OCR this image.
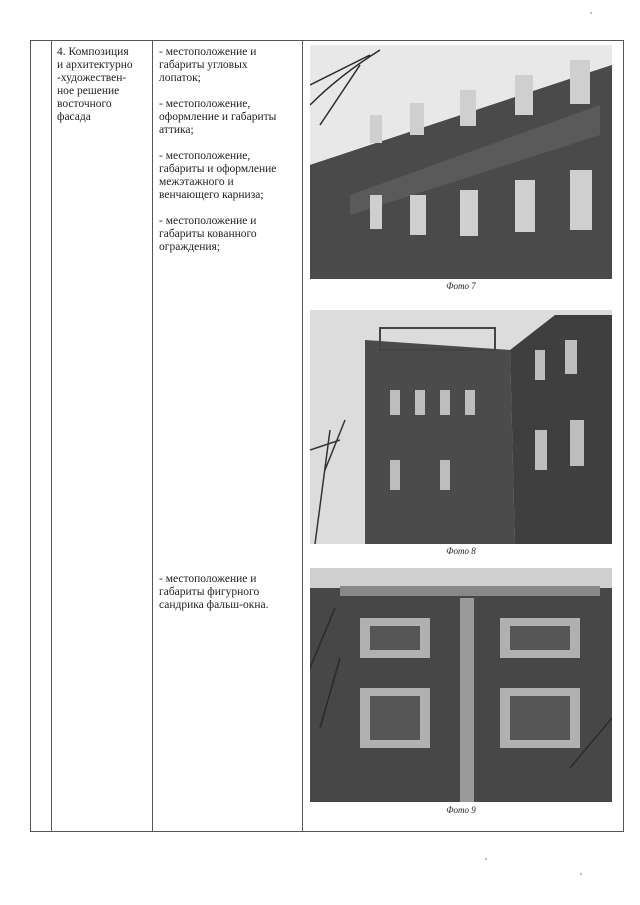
4. Композиция
и архитектурно
-художествен-
ное решение
восточного
фасада
- местоположение и
габариты угловых
лопаток;

- местоположение,
оформление и габариты
аттика;

- местоположение,
габариты и оформление
межэтажного и
венчающего карниза;

- местоположение и
габариты кованного
ограждения;
- местоположение и
габариты фигурного
сандрика фальш-окна.
Фото 7
Фото 8
Фото 9
